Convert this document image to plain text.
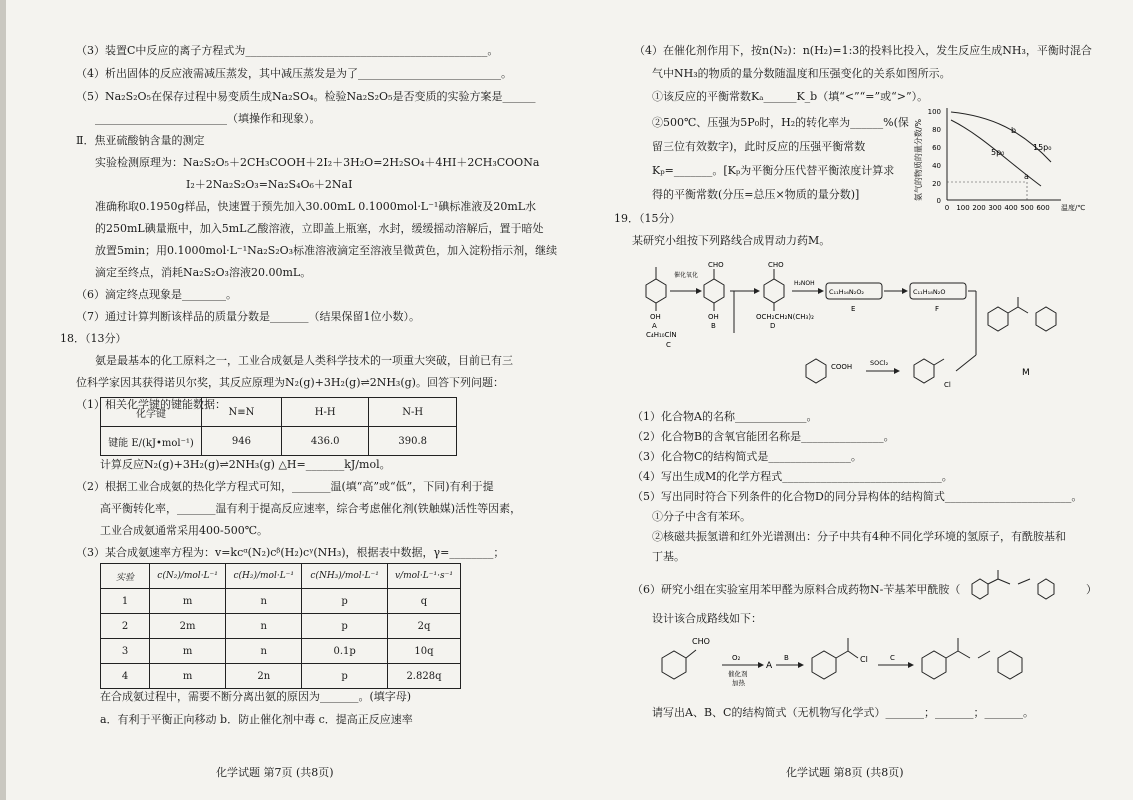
（3）装置C中反应的离子方程式为____________________________________________。
（4）析出固体的反应液需减压蒸发，其中减压蒸发是为了__________________________。
（5）Na₂S₂O₅在保存过程中易变质生成Na₂SO₄。检验Na₂S₂O₅是否变质的实验方案是______
________________________（填操作和现象）。
Ⅱ．焦亚硫酸钠含量的测定
实验检测原理为：Na₂S₂O₅＋2CH₃COOH＋2I₂＋3H₂O=2H₂SO₄＋4HI＋2CH₃COONa
I₂＋2Na₂S₂O₃=Na₂S₄O₆＋2NaI
准确称取0.1950g样品，快速置于预先加入30.00mL 0.1000mol·L⁻¹碘标准液及20mL水
的250mL碘量瓶中，加入5mL乙酸溶液，立即盖上瓶塞，水封，缓缓摇动溶解后，置于暗处
放置5min；用0.1000mol·L⁻¹Na₂S₂O₃标准溶液滴定至溶液呈微黄色，加入淀粉指示剂，继续
滴定至终点，消耗Na₂S₂O₃溶液20.00mL。
（6）滴定终点现象是________。
（7）通过计算判断该样品的质量分数是_______（结果保留1位小数）。
18．（13分）
氨是最基本的化工原料之一，工业合成氨是人类科学技术的一项重大突破，目前已有三
位科学家因其获得诺贝尔奖，其反应原理为N₂(g)+3H₂(g)⇌2NH₃(g)。回答下列问题：
（1）相关化学键的键能数据：
化学键	N≡N	H-H	N-H
键能 E/(kJ•mol⁻¹)	946	436.0	390.8
计算反应N₂(g)+3H₂(g)⇌2NH₃(g) △H=_______kJ/mol。
（2）根据工业合成氨的热化学方程式可知，_______温(填“高”或“低”，下同)有利于提
高平衡转化率，_______温有利于提高反应速率，综合考虑催化剂(铁触媒)活性等因素，
工业合成氨通常采用400-500℃。
（3）某合成氨速率方程为：v=kcᵅ(N₂)cᵝ(H₂)cᵞ(NH₃)，根据表中数据，γ=________；
实验	c(N₂)/mol·L⁻¹	c(H₂)/mol·L⁻¹	c(NH₃)/mol·L⁻¹	v/mol·L⁻¹·s⁻¹
1	m	n	p	q
2	2m	n	p	2q
3	m	n	0.1p	10q
4	m	2n	p	2.828q
在合成氨过程中，需要不断分离出氨的原因为_______。(填字母)
a．有利于平衡正向移动 b．防止催化剂中毒 c．提高正反应速率
化学试题 第7页 (共8页)
（4）在催化剂作用下，按n(N₂)：n(H₂)=1:3的投料比投入，发生反应生成NH₃，平衡时混合
气中NH₃的物质的量分数随温度和压强变化的关系如图所示。
①该反应的平衡常数Kₐ______K_b（填“<”“=”或“>”）。
②500℃、压强为5P₀时，H₂的转化率为______%(保
留三位有效数字)，此时反应的压强平衡常数
Kₚ=_______。[Kₚ为平衡分压代替平衡浓度计算求
得的平衡常数(分压=总压×物质的量分数)]	氨气的物质的量分数/% 0
20
40
60
80
100
0 100 200 300 400 500 600 温度/℃
15p₀
5p₀
b
a
19．（15分）
某研究小组按下列路线合成胃动力药M。
OH
A
催化氧化
CHO
OH
B
C₄H₁₀ClN
C
CHO
OCH₂CH₂N(CH₃)₂
D
H₂NOH
C₁₁H₁₆N₂O₂
E
C₁₁H₁₈N₂O
F
M
COOH	SOCl₂
Cl
（1）化合物A的名称_____________。
（2）化合物B的含氧官能团名称是_______________。
（3）化合物C的结构简式是_______________。
（4）写出生成M的化学方程式_____________________________。
（5）写出同时符合下列条件的化合物D的同分异构体的结构简式_______________________。
①分子中含有苯环。
②核磁共振氢谱和红外光谱测出：分子中共有4种不同化学环境的氢原子，有酰胺基和
丁基。
（6）研究小组在实验室用苯甲醛为原料合成药物N-苄基苯甲酰胺（	）
设计该合成路线如下：
CHO
O₂
催化剂
加热
A
B	Cl	C
请写出A、B、C的结构简式（无机物写化学式）_______；_______；_______。
化学试题 第8页 (共8页)
